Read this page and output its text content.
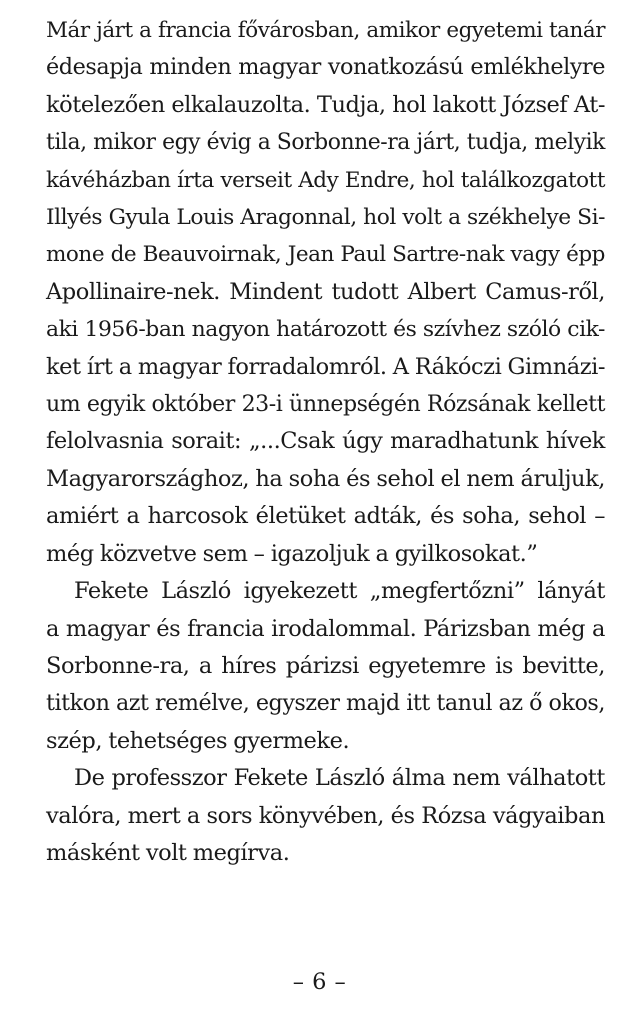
Már járt a francia fővárosban, amikor egyetemi tanár
édesapja minden magyar vonatkozású emlékhelyre
kötelezően elkalauzolta. Tudja, hol lakott József At-
tila, mikor egy évig a Sorbonne-ra járt, tudja, melyik
kávéházban írta verseit Ady Endre, hol találkozgatott
Illyés Gyula Louis Aragonnal, hol volt a székhelye Si-
mone de Beauvoirnak, Jean Paul Sartre-nak vagy épp
Apollinaire-nek. Mindent tudott Albert Camus-ről,
aki 1956-ban nagyon határozott és szívhez szóló cik-
ket írt a magyar forradalomról. A Rákóczi Gimnázi-
um egyik október 23-i ünnepségén Rózsának kellett
felolvasnia sorait: „...Csak úgy maradhatunk hívek
Magyarországhoz, ha soha és sehol el nem áruljuk,
amiért a harcosok életüket adták, és soha, sehol –
még közvetve sem – igazoljuk a gyilkosokat.”

Fekete László igyekezett „megfertőzni” lányát
a magyar és francia irodalommal. Párizsban még a
Sorbonne-ra, a híres párizsi egyetemre is bevitte,
titkon azt remélve, egyszer majd itt tanul az ő okos,
szép, tehetséges gyermeke.

De professzor Fekete László álma nem válhatott
valóra, mert a sors könyvében, és Rózsa vágyaiban
másként volt megírva.

– 6 –
